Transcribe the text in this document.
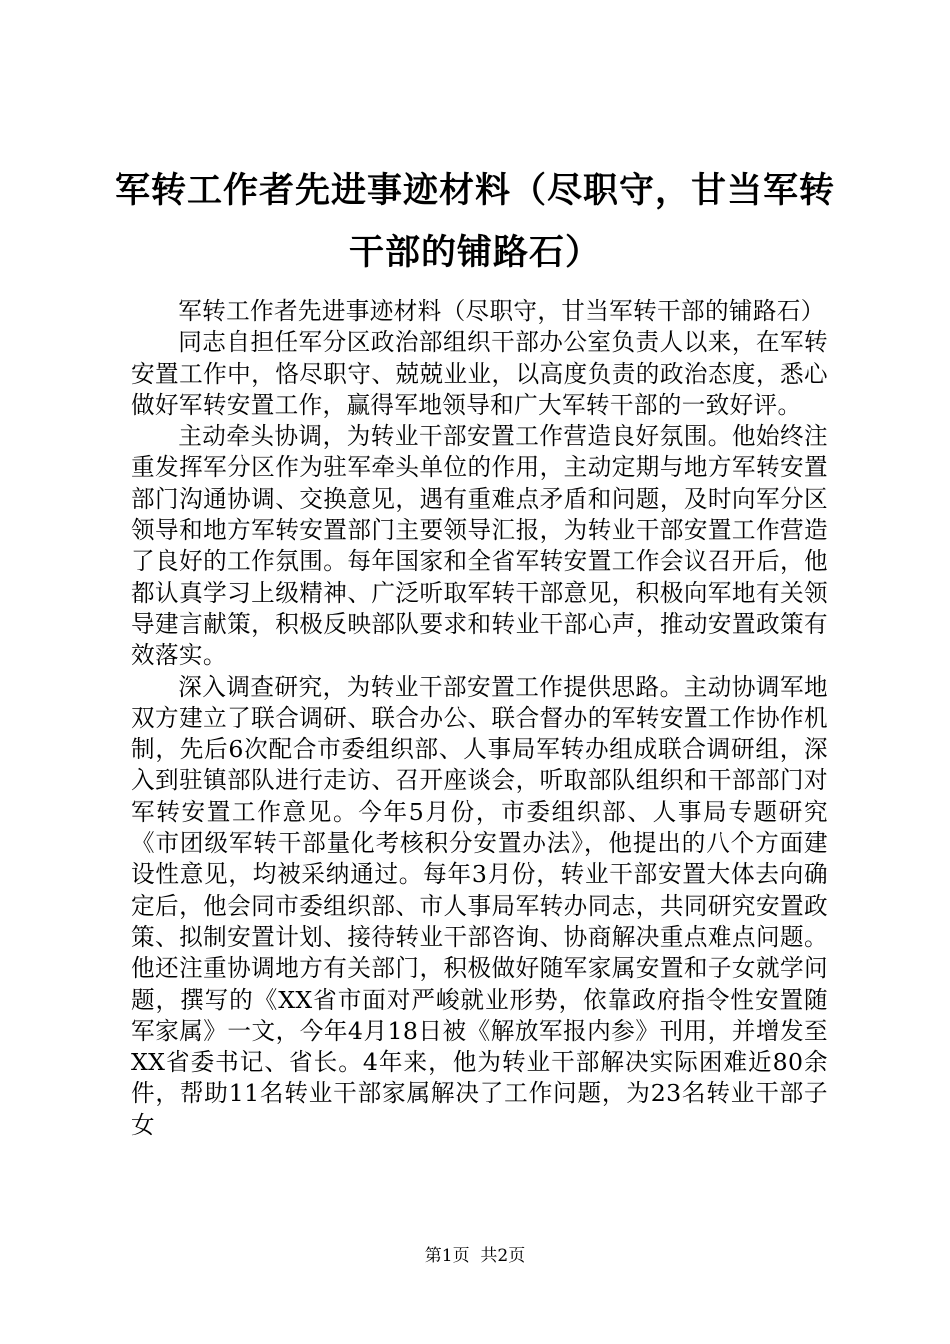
军转工作者先进事迹材料（尽职守，甘当军转干部的铺路石）

军转工作者先进事迹材料（尽职守，甘当军转干部的铺路石）

同志自担任军分区政治部组织干部办公室负责人以来，在军转安置工作中，恪尽职守、兢兢业业，以高度负责的政治态度，悉心做好军转安置工作，赢得军地领导和广大军转干部的一致好评。

主动牵头协调，为转业干部安置工作营造良好氛围。他始终注重发挥军分区作为驻军牵头单位的作用，主动定期与地方军转安置部门沟通协调、交换意见，遇有重难点矛盾和问题，及时向军分区领导和地方军转安置部门主要领导汇报，为转业干部安置工作营造了良好的工作氛围。每年国家和全省军转安置工作会议召开后，他都认真学习上级精神、广泛听取军转干部意见，积极向军地有关领导建言献策，积极反映部队要求和转业干部心声，推动安置政策有效落实。

深入调查研究，为转业干部安置工作提供思路。主动协调军地双方建立了联合调研、联合办公、联合督办的军转安置工作协作机制，先后6次配合市委组织部、人事局军转办组成联合调研组，深入到驻镇部队进行走访、召开座谈会，听取部队组织和干部部门对军转安置工作意见。今年5月份，市委组织部、人事局专题研究《市团级军转干部量化考核积分安置办法》，他提出的八个方面建设性意见，均被采纳通过。每年3月份，转业干部安置大体去向确定后，他会同市委组织部、市人事局军转办同志，共同研究安置政策、拟制安置计划、接待转业干部咨询、协商解决重点难点问题。他还注重协调地方有关部门，积极做好随军家属安置和子女就学问题，撰写的《XX省市面对严峻就业形势，依靠政府指令性安置随军家属》一文，今年4月18日被《解放军报内参》刊用，并增发至XX省委书记、省长。4年来，他为转业干部解决实际困难近80余件，帮助11名转业干部家属解决了工作问题，为23名转业干部子女

第1页  共2页
